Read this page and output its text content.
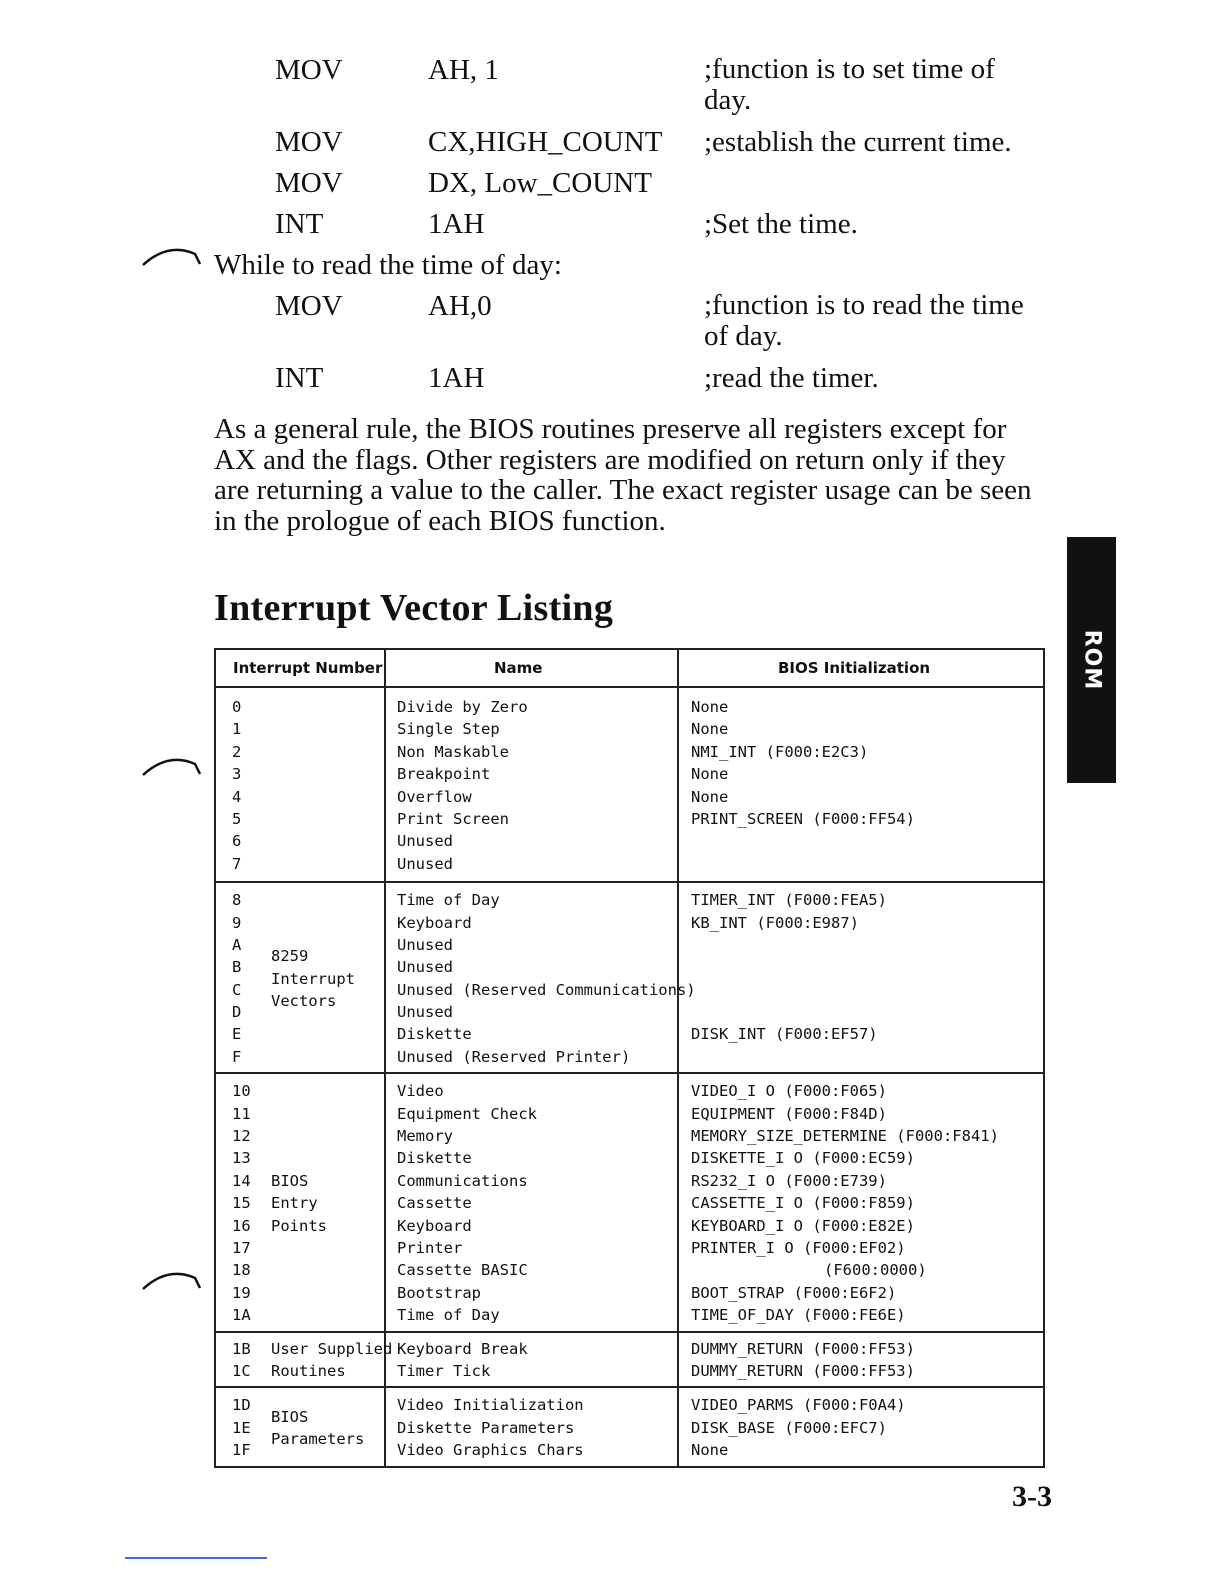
MOV	AH, 1	;function is to set time of day.
MOV	CX,HIGH_COUNT ;establish the current time.
MOV	DX, Low_COUNT
INT	1AH	;Set the time.
While to read the time of day:
MOV	AH,0	;function is to read the time of day.
INT	1AH	;read the timer.

As a general rule, the BIOS routines preserve all registers except for AX and the flags. Other registers are modified on return only if they are returning a value to the caller. The exact register usage can be seen in the prologue of each BIOS function.

Interrupt Vector Listing
ROM
Interrupt Number	Name	BIOS Initialization
0	Divide by Zero	None
1	Single Step	None
2	Non Maskable	NMI_INT (F000:E2C3)
3	Breakpoint	None
4	Overflow	None
5	Print Screen	PRINT_SCREEN (F000:FF54)
6	Unused
7	Unused
8	Time of Day	TIMER_INT (F000:FEA5)
9	Keyboard	KB_INT (F000:E987)
A	Unused
B	Unused
C	Unused (Reserved Communications)
D	Unused
E	Diskette	DISK_INT (F000:EF57)
F	Unused (Reserved Printer)
8259
Interrupt
Vectors
10	Video	VIDEO_I O (F000:F065)
11	Equipment Check	EQUIPMENT (F000:F84D)
12	Memory	MEMORY_SIZE_DETERMINE (F000:F841)
13	Diskette	DISKETTE_I O (F000:EC59)
14	Communications	RS232_I O (F000:E739)
15	Cassette	CASSETTE_I O (F000:F859)
16	Keyboard	KEYBOARD_I O (F000:E82E)
17	Printer	PRINTER_I O (F000:EF02)
18	Cassette BASIC	(F600:0000)
19	Bootstrap	BOOT_STRAP (F000:E6F2)
1A	Time of Day	TIME_OF_DAY (F000:FE6E)
BIOS
Entry
Points
1B	Keyboard Break	DUMMY_RETURN (F000:FF53)
1C	Timer Tick	DUMMY_RETURN (F000:FF53)
User Supplied
Routines
1D	Video Initialization	VIDEO_PARMS (F000:F0A4)
1E	Diskette Parameters	DISK_BASE (F000:EFC7)
1F	Video Graphics Chars	None
BIOS
Parameters
3-3
